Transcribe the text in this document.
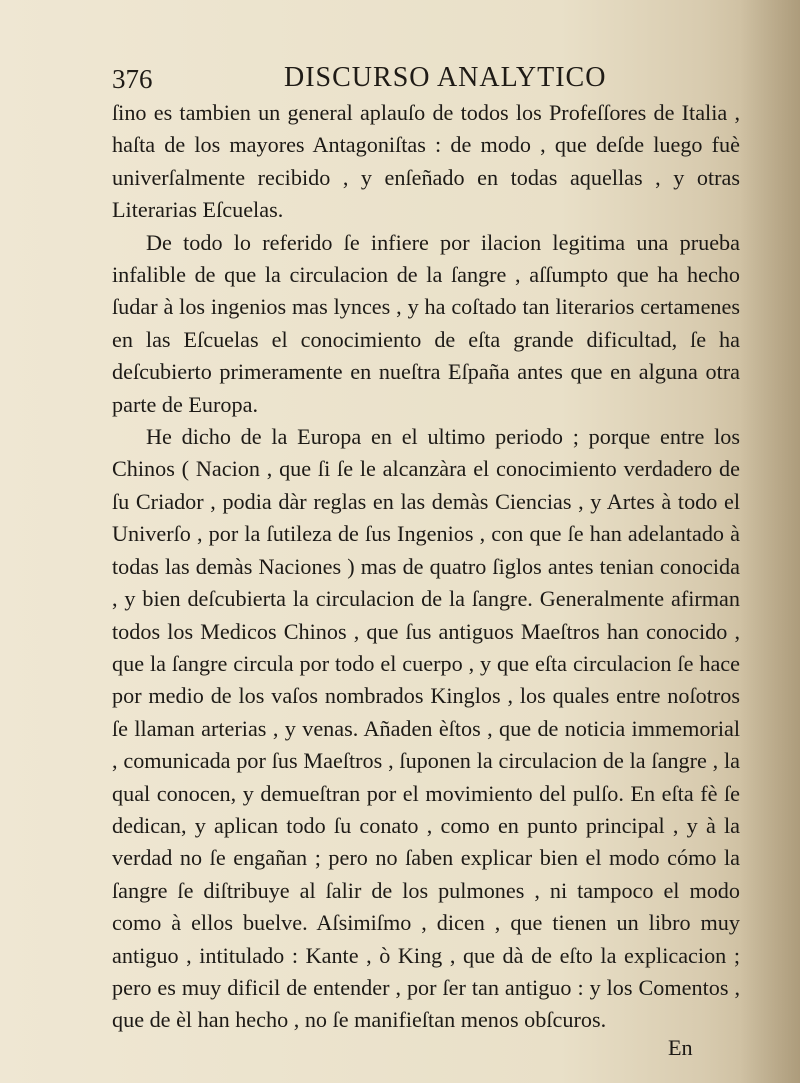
376	DISCURSO ANALYTICO

ſino es tambien un general aplauſo de todos los Profeſſores de Italia , haſta de los mayores Antagoniſtas : de modo , que deſde luego fuè univerſalmente recibido , y enſeñado en todas aquellas , y otras Literarias Eſcuelas.

De todo lo referido ſe infiere por ilacion legitima una prueba infalible de que la circulacion de la ſangre , aſſumpto que ha hecho ſudar à los ingenios mas lynces , y ha coſtado tan literarios certamenes en las Eſcuelas el conocimiento de eſta grande dificultad, ſe ha deſcubierto primeramente en nueſtra Eſpaña antes que en alguna otra parte de Europa.

He dicho de la Europa en el ultimo periodo ; porque entre los Chinos ( Nacion , que ſi ſe le alcanzàra el conocimiento verdadero de ſu Criador , podia dàr reglas en las demàs Ciencias , y Artes à todo el Univerſo , por la ſutileza de ſus Ingenios , con que ſe han adelantado à todas las demàs Naciones ) mas de quatro ſiglos antes tenian conocida , y bien deſcubierta la circulacion de la ſangre. Generalmente afirman todos los Medicos Chinos , que ſus antiguos Maeſtros han conocido , que la ſangre circula por todo el cuerpo , y que eſta circulacion ſe hace por medio de los vaſos nombrados Kinglos , los quales entre noſotros ſe llaman arterias , y venas. Añaden èſtos , que de noticia immemorial , comunicada por ſus Maeſtros , ſuponen la circulacion de la ſangre , la qual conocen, y demueſtran por el movimiento del pulſo. En eſta fè ſe dedican, y aplican todo ſu conato , como en punto principal , y à la verdad no ſe engañan ; pero no ſaben explicar bien el modo cómo la ſangre ſe diſtribuye al ſalir de los pulmones , ni tampoco el modo como à ellos buelve. Aſsimiſmo , dicen , que tienen un libro muy antiguo , intitulado : Kante , ò King , que dà de eſto la explicacion ; pero es muy dificil de entender , por ſer tan antiguo : y los Comentos , que de èl han hecho , no ſe manifieſtan menos obſcuros.

En
